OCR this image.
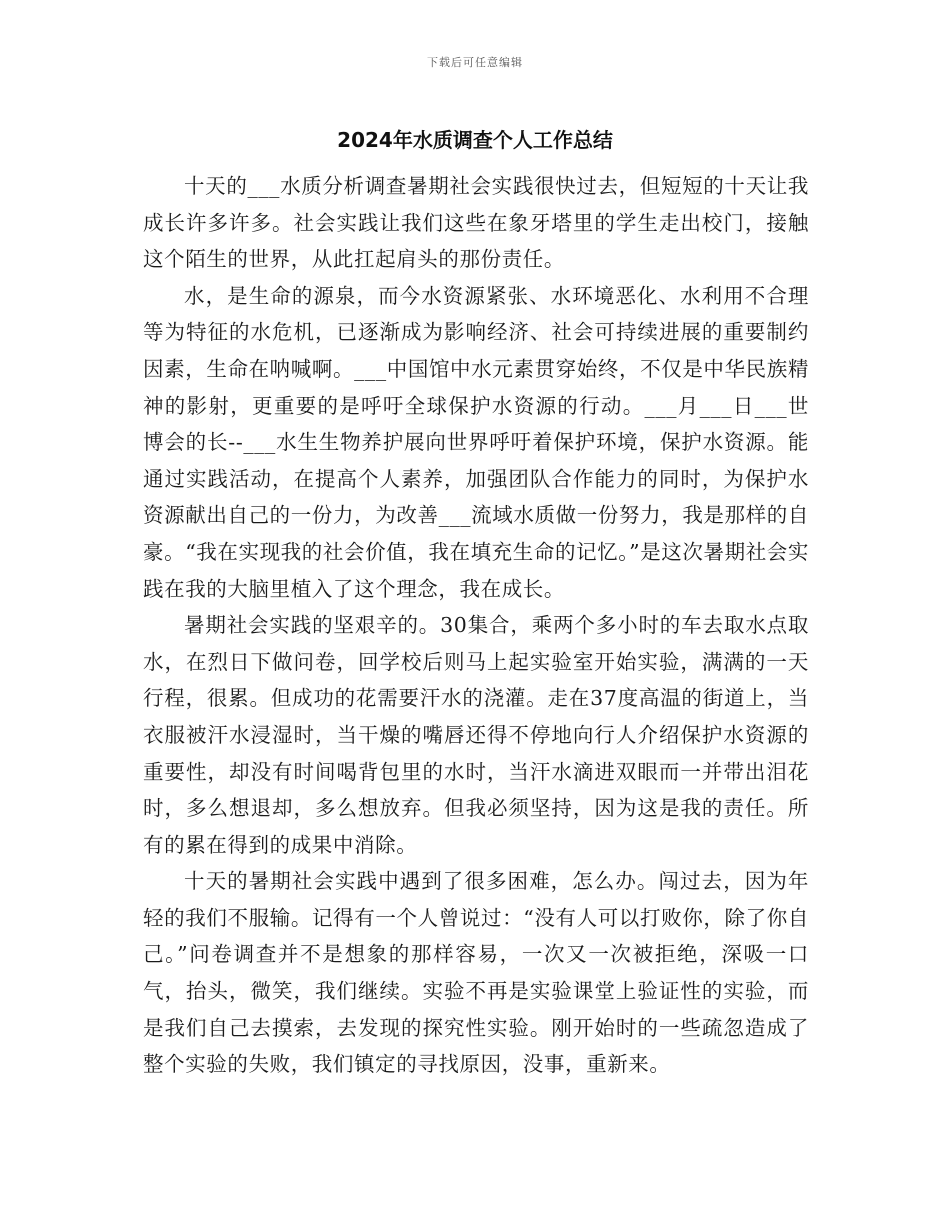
下载后可任意编辑
2024年水质调查个人工作总结

十天的___水质分析调查暑期社会实践很快过去，但短短的十天让我成长许多许多。社会实践让我们这些在象牙塔里的学生走出校门，接触这个陌生的世界，从此扛起肩头的那份责任。

水，是生命的源泉，而今水资源紧张、水环境恶化、水利用不合理等为特征的水危机，已逐渐成为影响经济、社会可持续进展的重要制约因素，生命在呐喊啊。___中国馆中水元素贯穿始终，不仅是中华民族精神的影射，更重要的是呼吁全球保护水资源的行动。___月___日___世博会的长--___水生生物养护展向世界呼吁着保护环境，保护水资源。能通过实践活动，在提高个人素养，加强团队合作能力的同时，为保护水资源献出自己的一份力，为改善___流域水质做一份努力，我是那样的自豪。“我在实现我的社会价值，我在填充生命的记忆。”是这次暑期社会实践在我的大脑里植入了这个理念，我在成长。

暑期社会实践的坚艰辛的。30集合，乘两个多小时的车去取水点取水，在烈日下做问卷，回学校后则马上起实验室开始实验，满满的一天行程，很累。但成功的花需要汗水的浇灌。走在37度高温的街道上，当衣服被汗水浸湿时，当干燥的嘴唇还得不停地向行人介绍保护水资源的重要性，却没有时间喝背包里的水时，当汗水滴进双眼而一并带出泪花时，多么想退却，多么想放弃。但我必须坚持，因为这是我的责任。所有的累在得到的成果中消除。

十天的暑期社会实践中遇到了很多困难，怎么办。闯过去，因为年轻的我们不服输。记得有一个人曾说过：“没有人可以打败你，除了你自己。”问卷调查并不是想象的那样容易，一次又一次被拒绝，深吸一口气，抬头，微笑，我们继续。实验不再是实验课堂上验证性的实验，而是我们自己去摸索，去发现的探究性实验。刚开始时的一些疏忽造成了整个实验的失败，我们镇定的寻找原因，没事，重新来。
